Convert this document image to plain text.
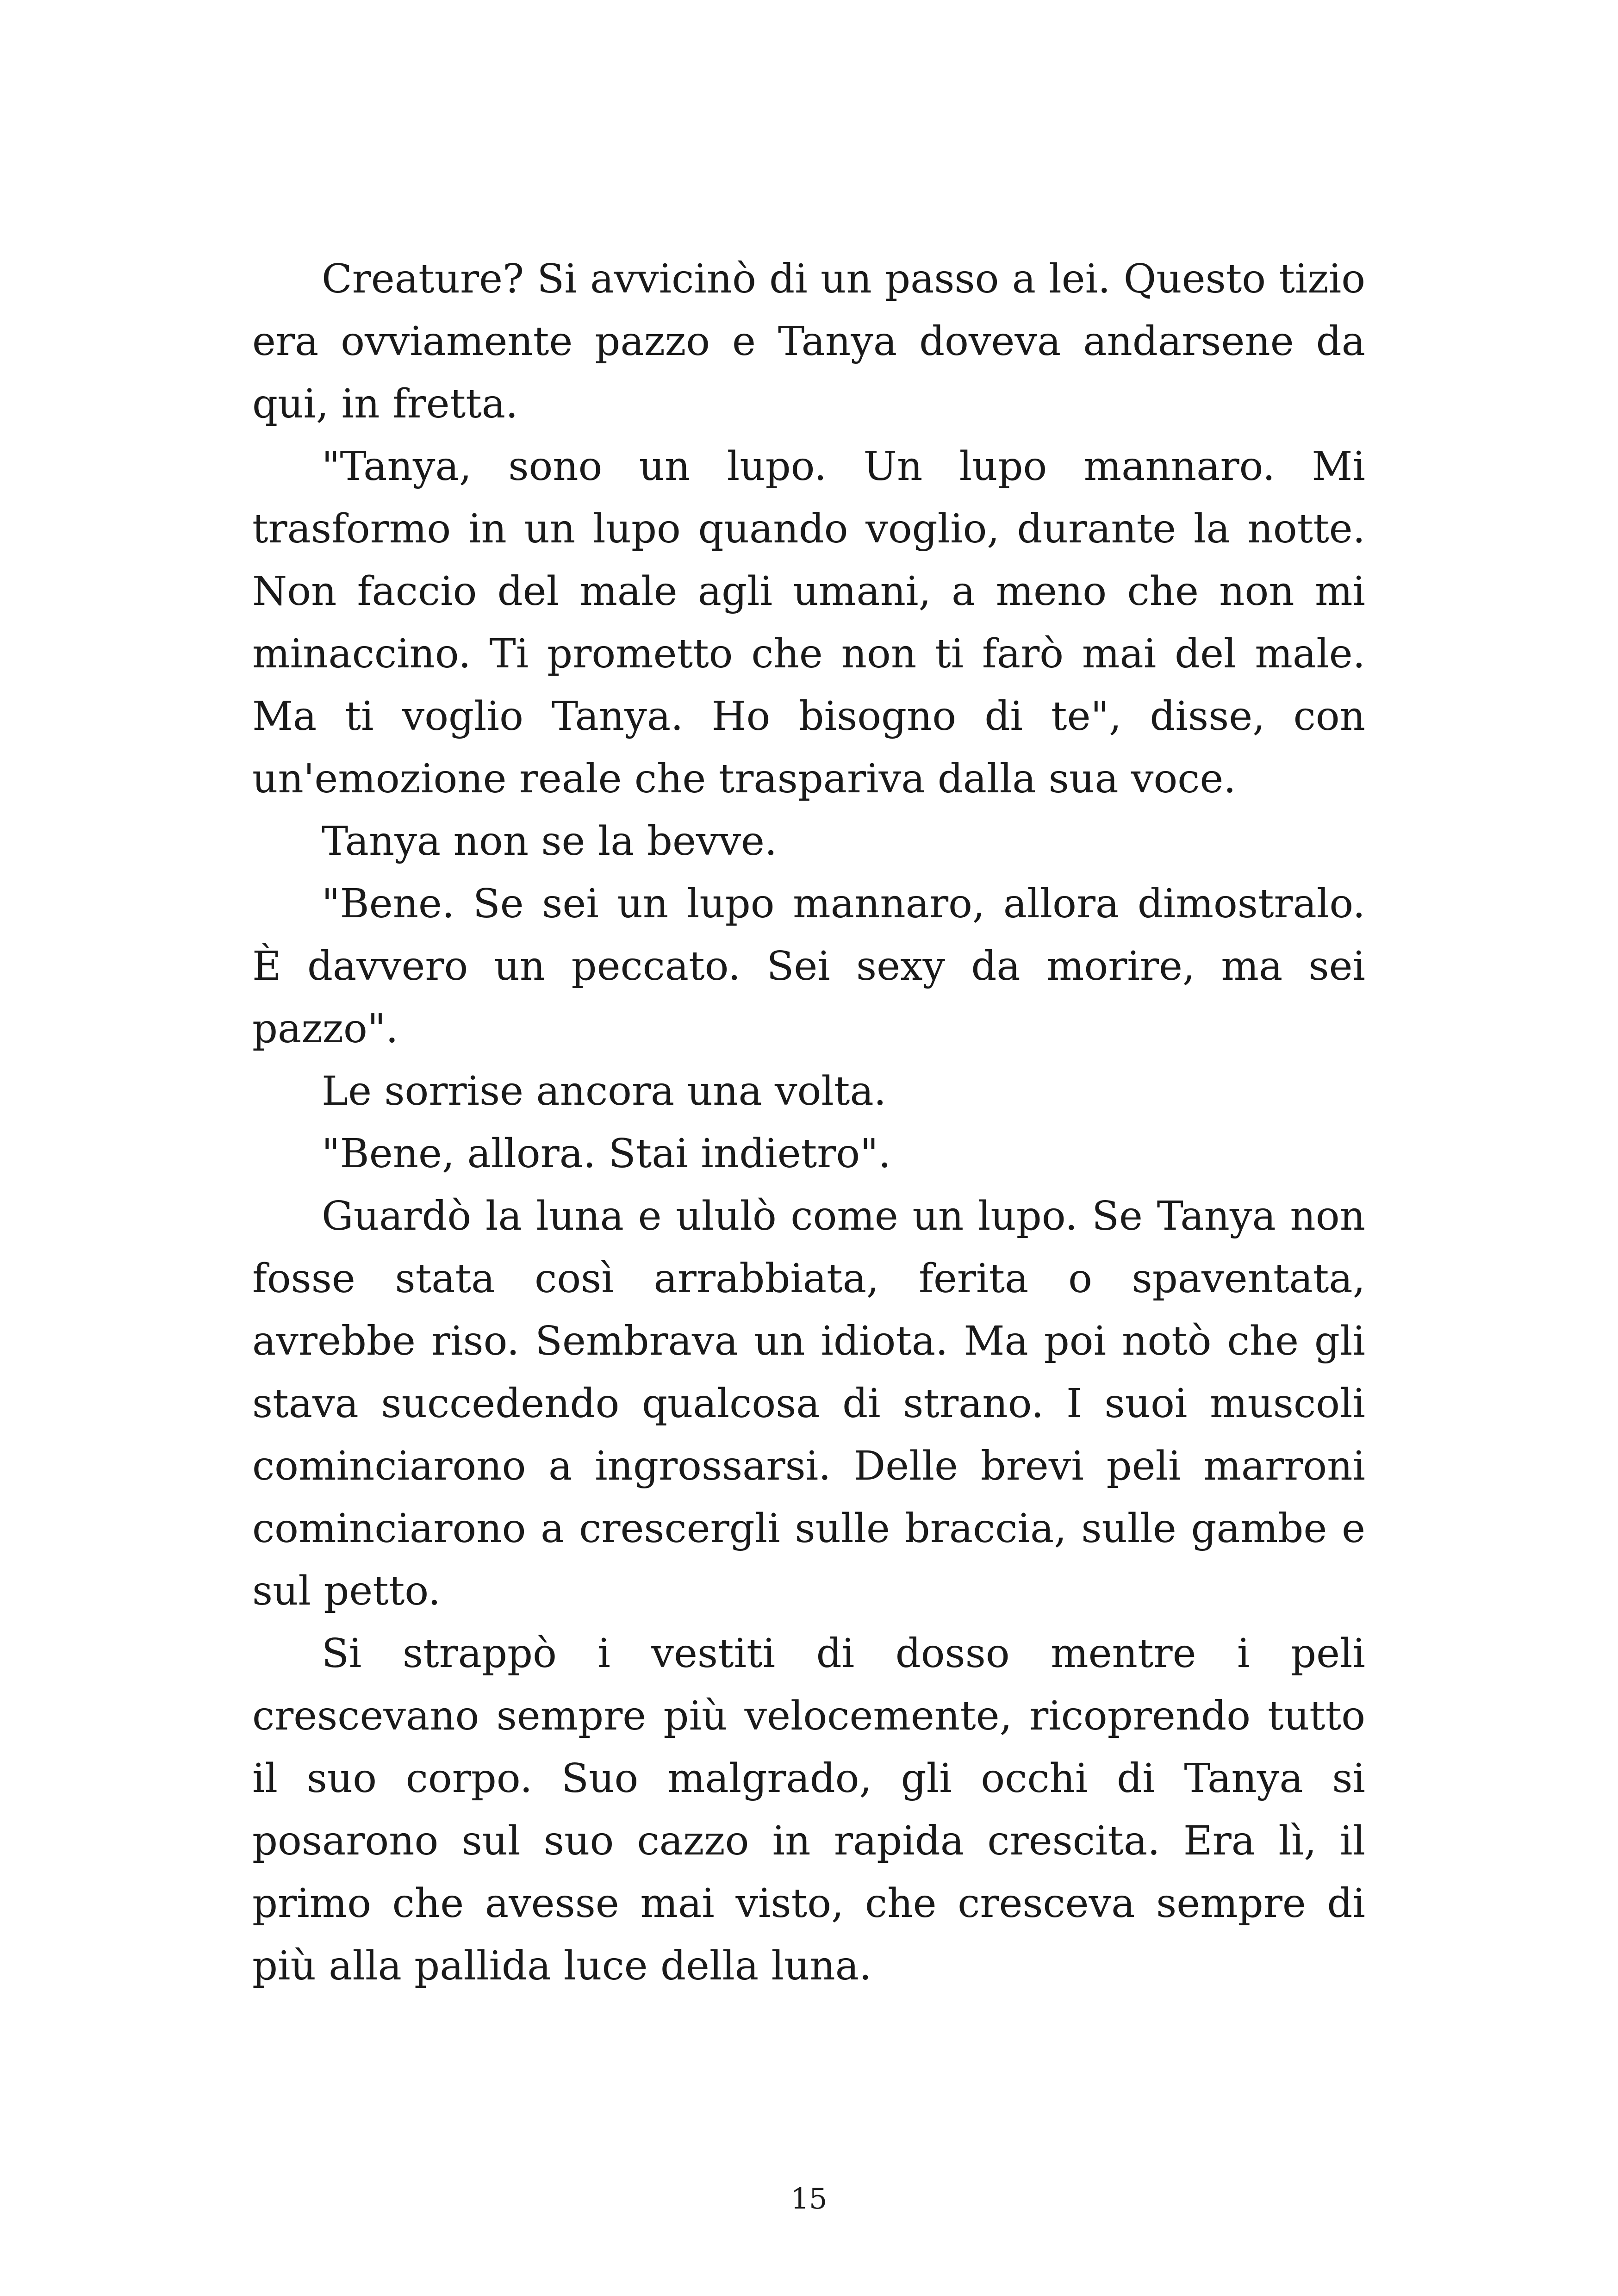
Creature? Si avvicinò di un passo a lei. Questo tizio era ovviamente pazzo e Tanya doveva andarsene da qui, in fretta.

"Tanya, sono un lupo. Un lupo mannaro. Mi trasformo in un lupo quando voglio, durante la notte. Non faccio del male agli umani, a meno che non mi minaccino. Ti prometto che non ti farò mai del male. Ma ti voglio Tanya. Ho bisogno di te", disse, con un'emozione reale che traspariva dalla sua voce.

Tanya non se la bevve.

"Bene. Se sei un lupo mannaro, allora dimostralo. È davvero un peccato. Sei sexy da morire, ma sei pazzo".

Le sorrise ancora una volta.

"Bene, allora. Stai indietro".

Guardò la luna e ululò come un lupo. Se Tanya non fosse stata così arrabbiata, ferita o spaventata, avrebbe riso. Sembrava un idiota. Ma poi notò che gli stava succedendo qualcosa di strano. I suoi muscoli cominciarono a ingrossarsi. Delle brevi peli marroni cominciarono a crescergli sulle braccia, sulle gambe e sul petto.

Si strappò i vestiti di dosso mentre i peli crescevano sempre più velocemente, ricoprendo tutto il suo corpo. Suo malgrado, gli occhi di Tanya si posarono sul suo cazzo in rapida crescita. Era lì, il primo che avesse mai visto, che cresceva sempre di più alla pallida luce della luna.

15
